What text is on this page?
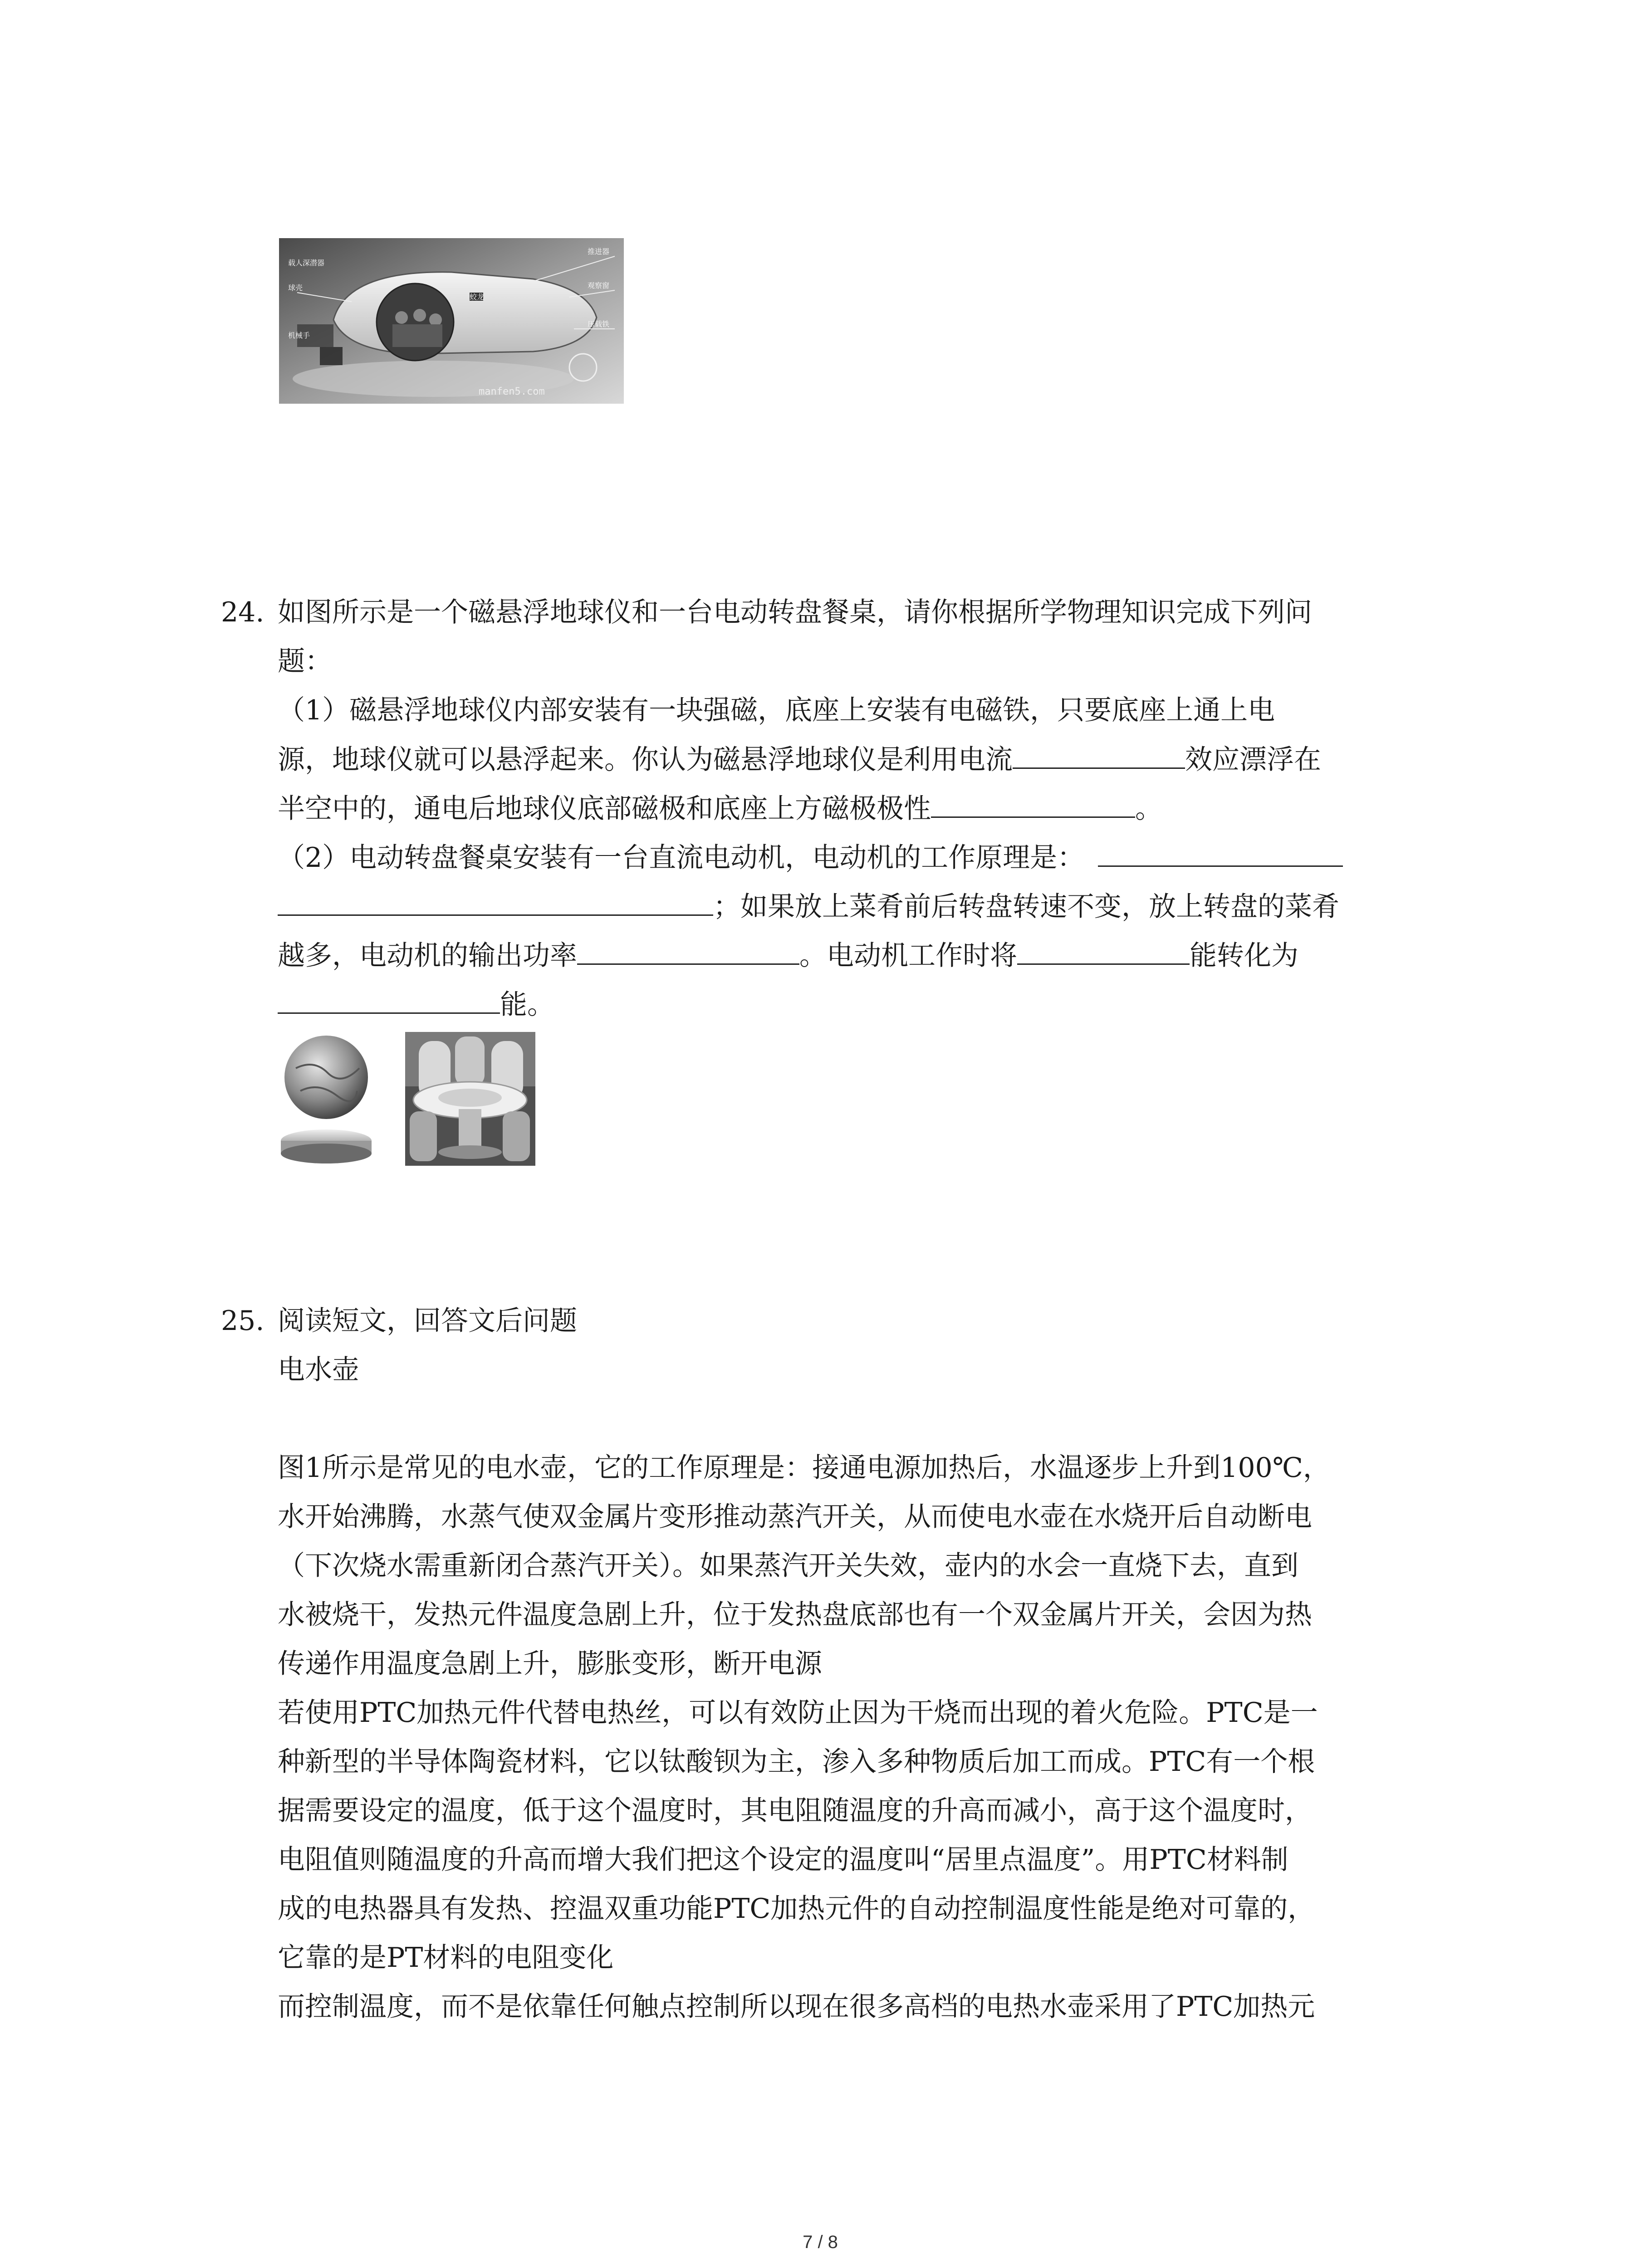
载人深潜器
蛟龙
球壳
推进器
机械手
观察窗
压载铁
manfen5.com
24. 如图所示是一个磁悬浮地球仪和一台电动转盘餐桌，请你根据所学物理知识完成下列问
题：
（1）磁悬浮地球仪内部安装有一块强磁，底座上安装有电磁铁，只要底座上通上电
源，地球仪就可以悬浮起来。你认为磁悬浮地球仪是利用电流	效应漂浮在
半空中的，通电后地球仪底部磁极和底座上方磁极极性	。
（2）电动转盘餐桌安装有一台直流电动机，电动机的工作原理是：
；如果放上菜肴前后转盘转速不变，放上转盘的菜肴
越多，电动机的输出功率	。电动机工作时将	能转化为
能。
25. 阅读短文，回答文后问题
电水壶
图1所示是常见的电水壶，它的工作原理是：接通电源加热后，水温逐步上升到100℃，
水开始沸腾，水蒸气使双金属片变形推动蒸汽开关，从而使电水壶在水烧开后自动断电
（下次烧水需重新闭合蒸汽开关）。如果蒸汽开关失效，壶内的水会一直烧下去，直到
水被烧干，发热元件温度急剧上升，位于发热盘底部也有一个双金属片开关，会因为热
传递作用温度急剧上升，膨胀变形，断开电源
若使用PTC加热元件代替电热丝，可以有效防止因为干烧而出现的着火危险。PTC是一
种新型的半导体陶瓷材料，它以钛酸钡为主，渗入多种物质后加工而成。PTC有一个根
据需要设定的温度，低于这个温度时，其电阻随温度的升高而减小，高于这个温度时，
电阻值则随温度的升高而增大我们把这个设定的温度叫“居里点温度”。用PTC材料制
成的电热器具有发热、控温双重功能PTC加热元件的自动控制温度性能是绝对可靠的，
它靠的是PT材料的电阻变化
而控制温度，而不是依靠任何触点控制所以现在很多高档的电热水壶采用了PTC加热元
7 / 8
